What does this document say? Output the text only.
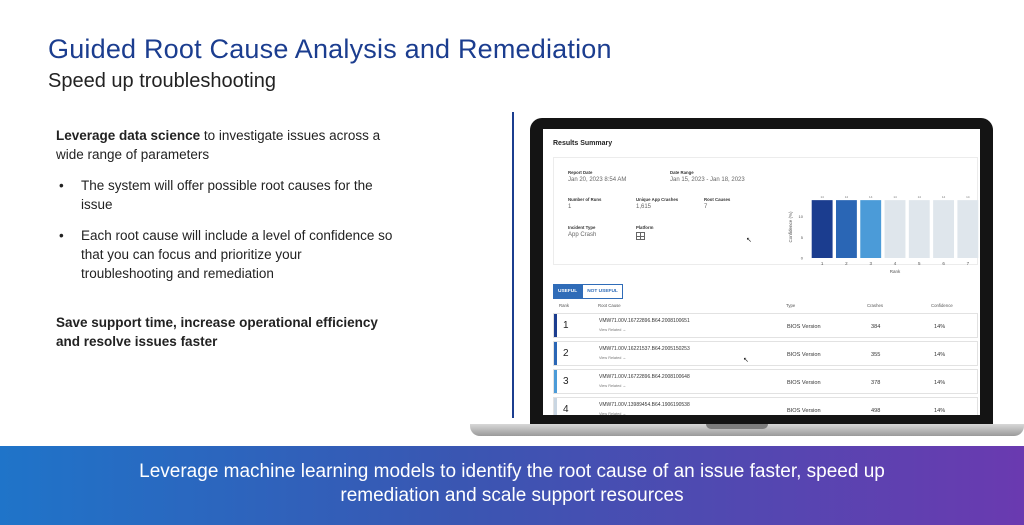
Guided Root Cause Analysis and Remediation
Speed up troubleshooting
Leverage data science to investigate issues across a wide range of parameters
• The system will offer possible root causes for the issue
• Each root cause will include a level of confidence so that you can focus and prioritize your troubleshooting and remediation
Save support time, increase operational efficiency and resolve issues faster
Results Summary
Report Date
Jan 20, 2023 8:54 AM
Date Range
Jan 15, 2023 - Jan 18, 2023
Number of Runs
1
Unique App Crashes
1,615
Root Causes
7
Incident Type
App Crash
Platform
0
5
10
Confidence (%)
14
1
14
2
14
3
14
4
14
5
14
6
14
7
Rank
USEFUL	NOT USEFUL
Rank	Root Cause	Type	Crashes	Confidence
1	VMW71.00V.16722896.B64.2008100651
View Related →	BIOS Version	384	14%
2	VMW71.00V.16221537.B64.2005150253
View Related →	BIOS Version	355	14%
3	VMW71.00V.16722896.B64.2008100648
View Related →	BIOS Version	378	14%
4	VMW71.00V.13989454.B64.1906190538
View Related →	BIOS Version	498	14%
↖
↖
Leverage machine learning models to identify the root cause of an issue faster, speed up
remediation and scale support resources
